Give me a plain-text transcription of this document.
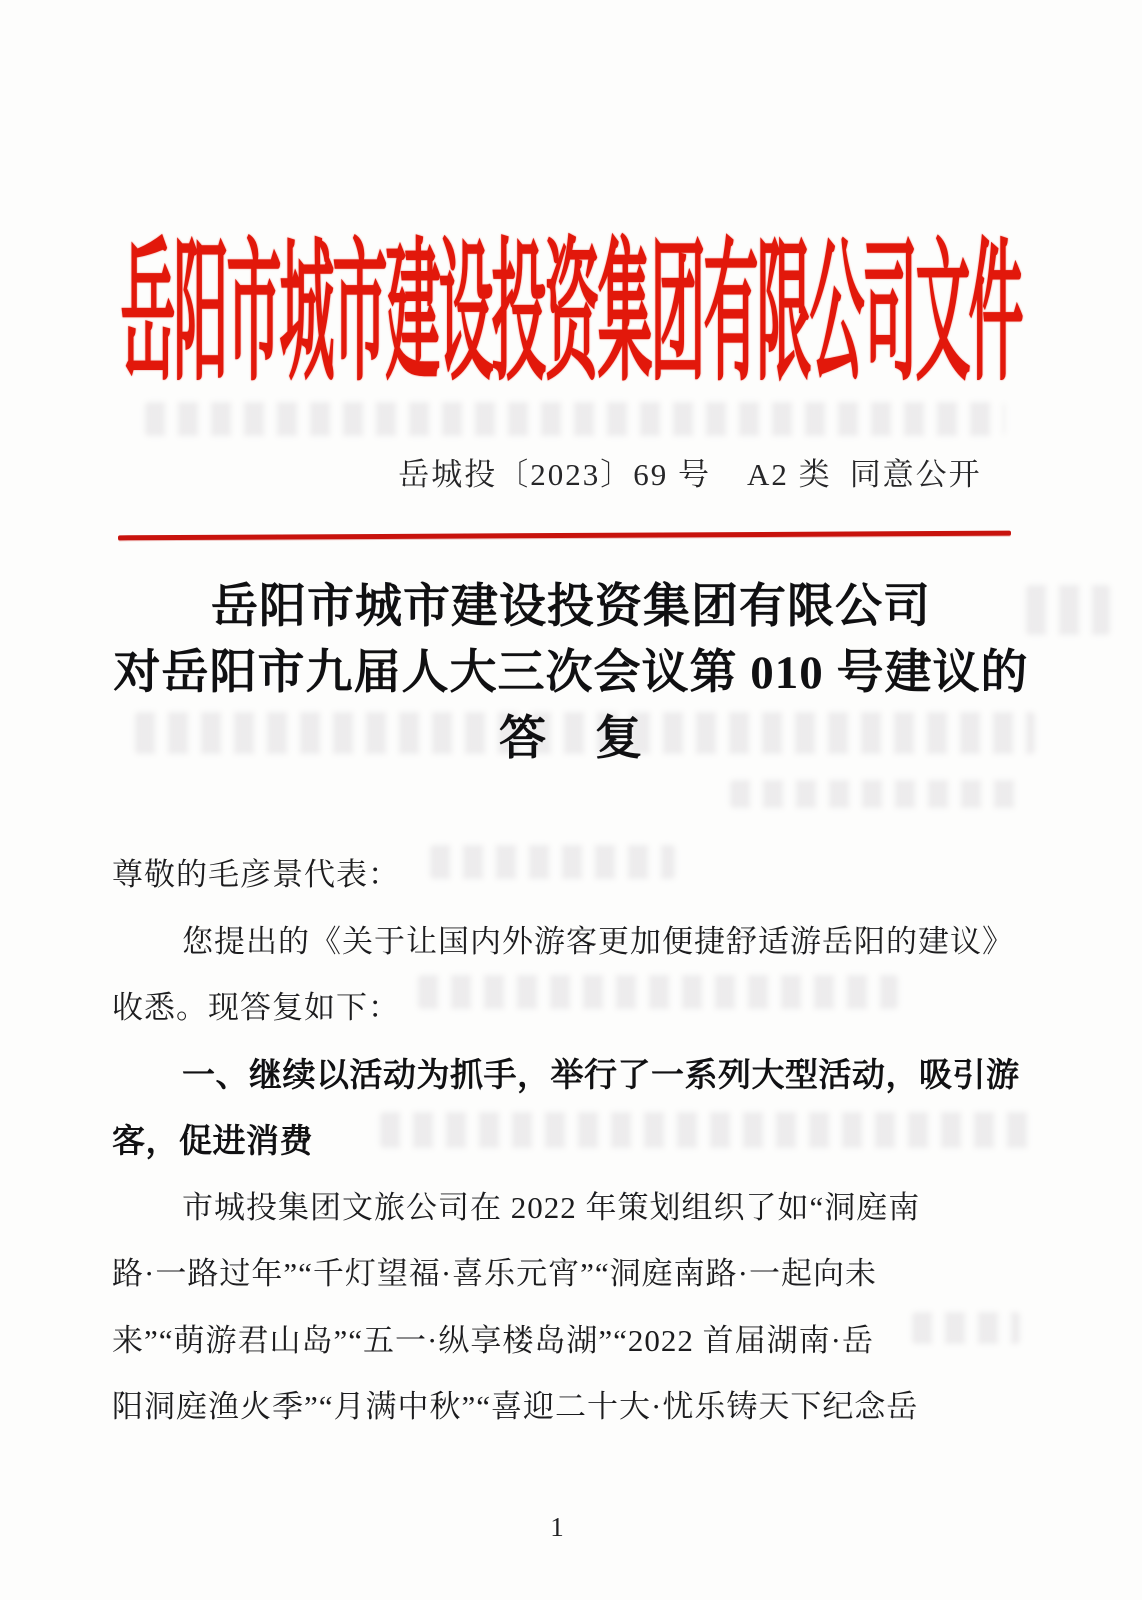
岳阳市城市建设投资集团有限公司文件
岳城投〔2023〕69 号 A2 类 同意公开
岳阳市城市建设投资集团有限公司
对岳阳市九届人大三次会议第 010 号建议的
答　复
尊敬的毛彦景代表：
您提出的《关于让国内外游客更加便捷舒适游岳阳的建议》
收悉。现答复如下：
一、继续以活动为抓手，举行了一系列大型活动，吸引游
客，促进消费
市城投集团文旅公司在 2022 年策划组织了如“洞庭南
路·一路过年”“千灯望福·喜乐元宵”“洞庭南路·一起向未
来”“萌游君山岛”“五一·纵享楼岛湖”“2022 首届湖南·岳
阳洞庭渔火季”“月满中秋”“喜迎二十大·忧乐铸天下纪念岳
1
